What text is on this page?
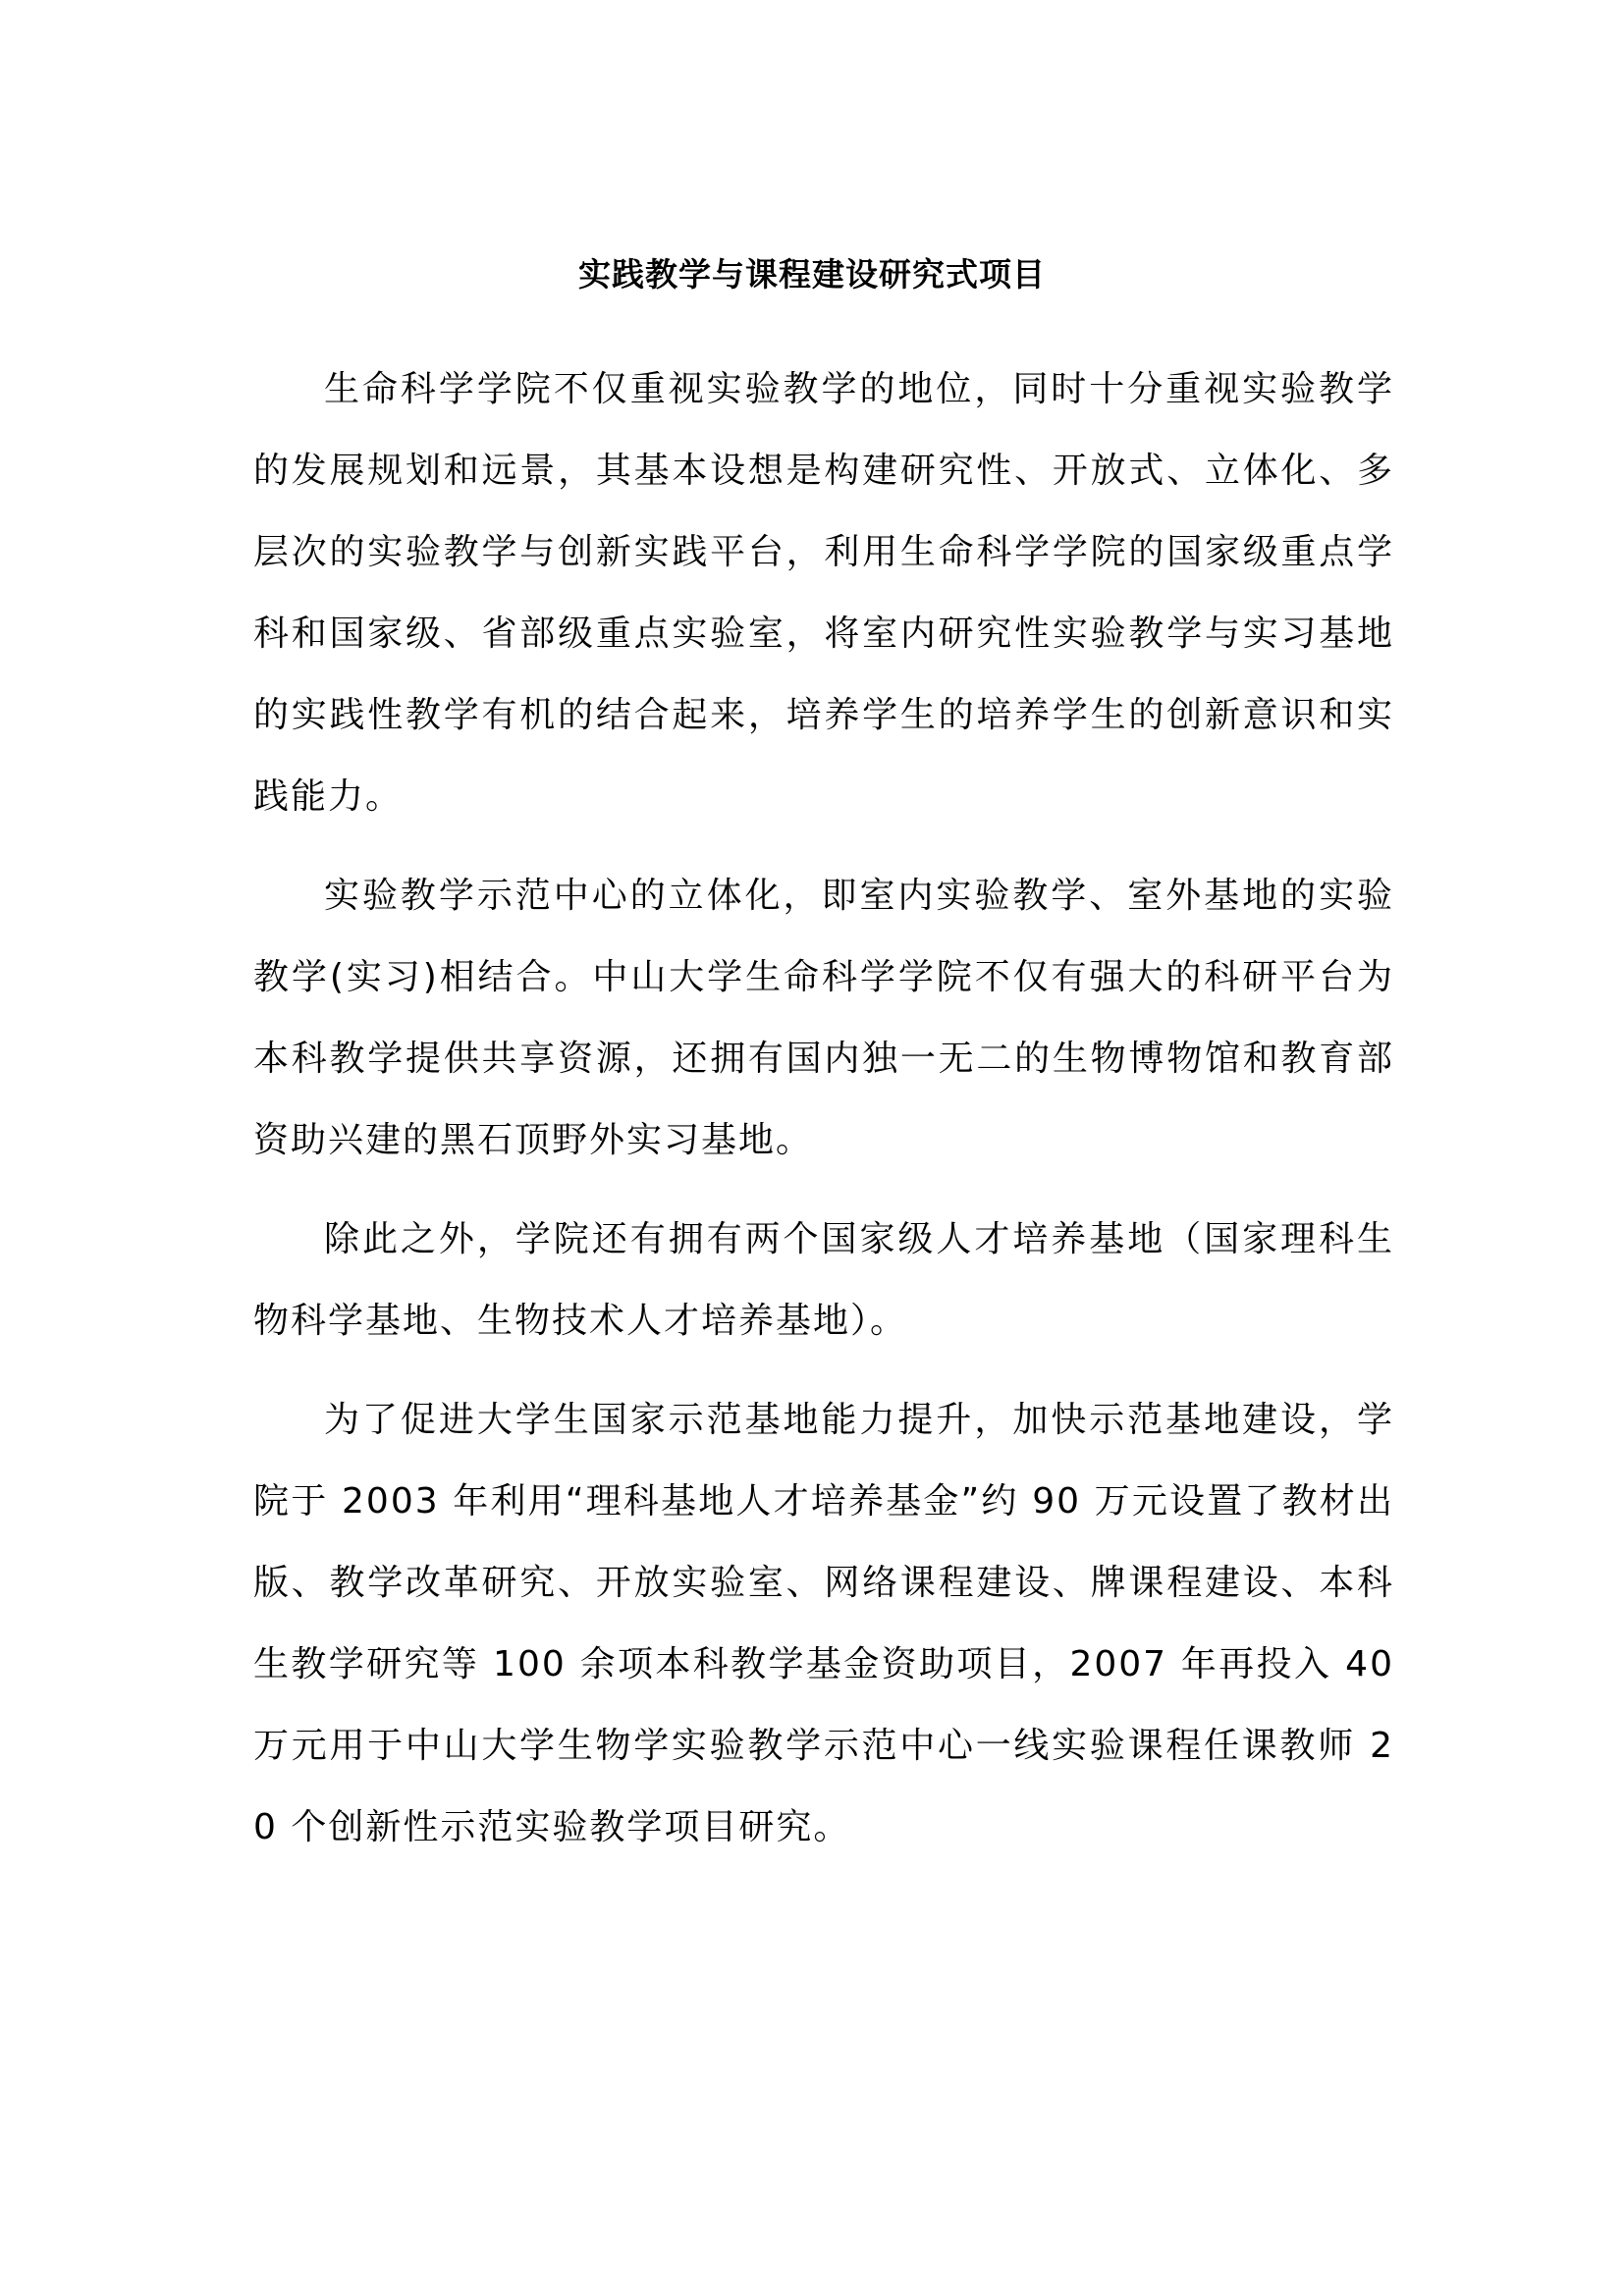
实践教学与课程建设研究式项目

生命科学学院不仅重视实验教学的地位，同时十分重视实验教学的发展规划和远景，其基本设想是构建研究性、开放式、立体化、多层次的实验教学与创新实践平台，利用生命科学学院的国家级重点学科和国家级、省部级重点实验室，将室内研究性实验教学与实习基地的实践性教学有机的结合起来，培养学生的培养学生的创新意识和实践能力。

实验教学示范中心的立体化，即室内实验教学、室外基地的实验教学(实习)相结合。中山大学生命科学学院不仅有强大的科研平台为本科教学提供共享资源，还拥有国内独一无二的生物博物馆和教育部资助兴建的黑石顶野外实习基地。

除此之外，学院还有拥有两个国家级人才培养基地（国家理科生物科学基地、生物技术人才培养基地）。

为了促进大学生国家示范基地能力提升，加快示范基地建设，学院于 2003 年利用“理科基地人才培养基金”约 90 万元设置了教材出版、教学改革研究、开放实验室、网络课程建设、牌课程建设、本科生教学研究等 100 余项本科教学基金资助项目，2007 年再投入 40 万元用于中山大学生物学实验教学示范中心一线实验课程任课教师 20 个创新性示范实验教学项目研究。
